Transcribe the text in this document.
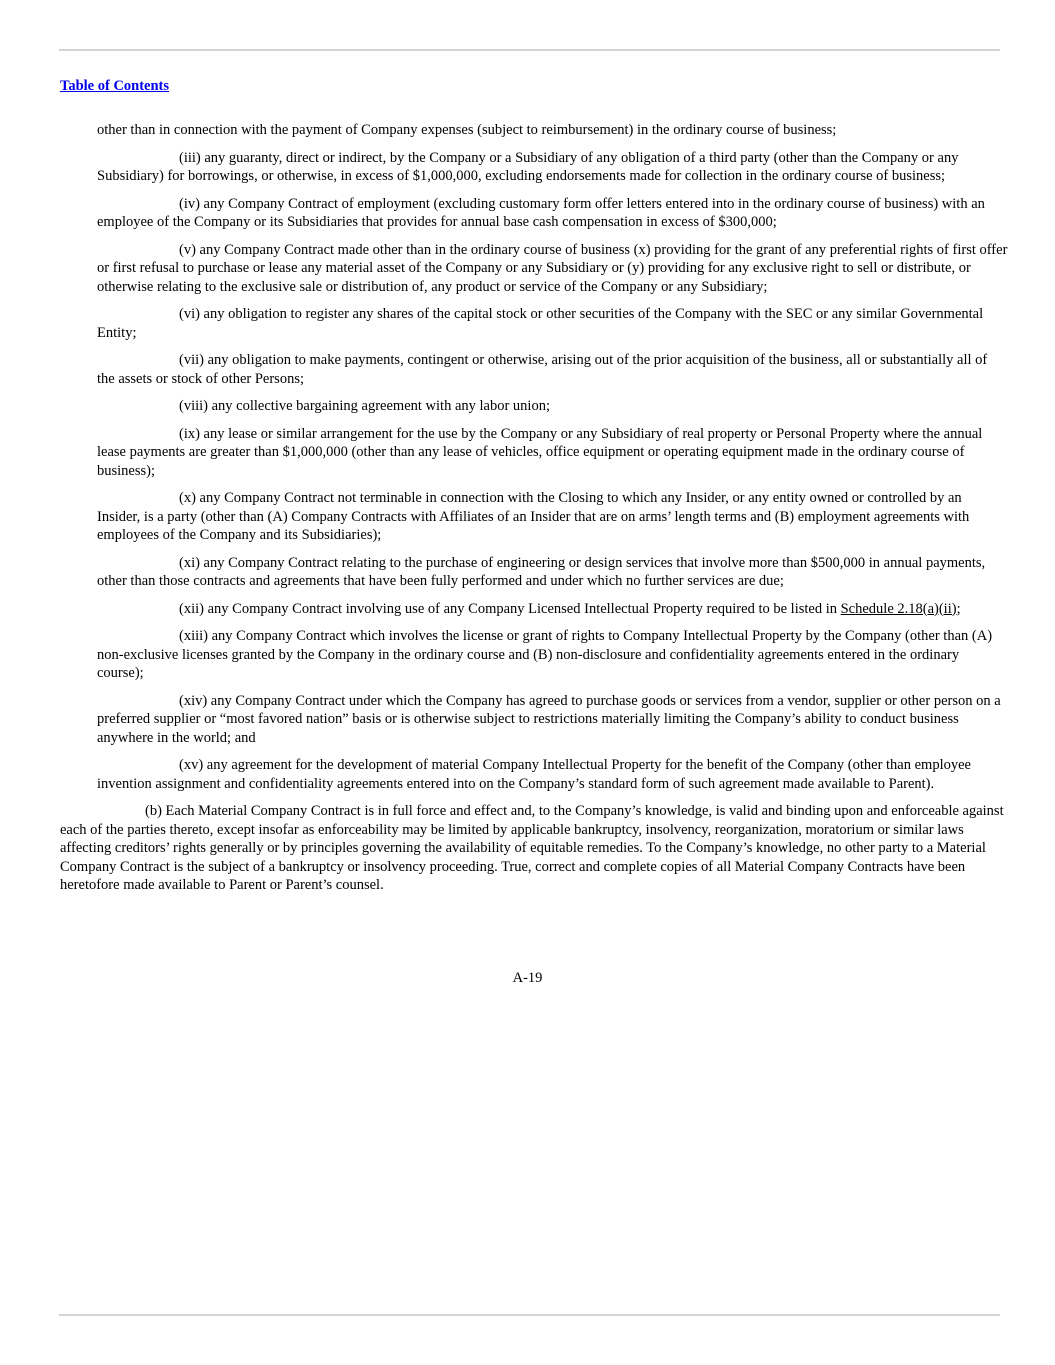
Table of Contents

other than in connection with the payment of Company expenses (subject to reimbursement) in the ordinary course of business;

(iii) any guaranty, direct or indirect, by the Company or a Subsidiary of any obligation of a third party (other than the Company or any Subsidiary) for borrowings, or otherwise, in excess of $1,000,000, excluding endorsements made for collection in the ordinary course of business;

(iv) any Company Contract of employment (excluding customary form offer letters entered into in the ordinary course of business) with an employee of the Company or its Subsidiaries that provides for annual base cash compensation in excess of $300,000;

(v) any Company Contract made other than in the ordinary course of business (x) providing for the grant of any preferential rights of first offer or first refusal to purchase or lease any material asset of the Company or any Subsidiary or (y) providing for any exclusive right to sell or distribute, or otherwise relating to the exclusive sale or distribution of, any product or service of the Company or any Subsidiary;

(vi) any obligation to register any shares of the capital stock or other securities of the Company with the SEC or any similar Governmental Entity;

(vii) any obligation to make payments, contingent or otherwise, arising out of the prior acquisition of the business, all or substantially all of the assets or stock of other Persons;

(viii) any collective bargaining agreement with any labor union;

(ix) any lease or similar arrangement for the use by the Company or any Subsidiary of real property or Personal Property where the annual lease payments are greater than $1,000,000 (other than any lease of vehicles, office equipment or operating equipment made in the ordinary course of business);

(x) any Company Contract not terminable in connection with the Closing to which any Insider, or any entity owned or controlled by an Insider, is a party (other than (A) Company Contracts with Affiliates of an Insider that are on arms’ length terms and (B) employment agreements with employees of the Company and its Subsidiaries);

(xi) any Company Contract relating to the purchase of engineering or design services that involve more than $500,000 in annual payments, other than those contracts and agreements that have been fully performed and under which no further services are due;

(xii) any Company Contract involving use of any Company Licensed Intellectual Property required to be listed in Schedule 2.18(a)(ii);

(xiii) any Company Contract which involves the license or grant of rights to Company Intellectual Property by the Company (other than (A) non-exclusive licenses granted by the Company in the ordinary course and (B) non-disclosure and confidentiality agreements entered in the ordinary course);

(xiv) any Company Contract under which the Company has agreed to purchase goods or services from a vendor, supplier or other person on a preferred supplier or “most favored nation” basis or is otherwise subject to restrictions materially limiting the Company’s ability to conduct business anywhere in the world; and

(xv) any agreement for the development of material Company Intellectual Property for the benefit of the Company (other than employee invention assignment and confidentiality agreements entered into on the Company’s standard form of such agreement made available to Parent).

(b) Each Material Company Contract is in full force and effect and, to the Company’s knowledge, is valid and binding upon and enforceable against each of the parties thereto, except insofar as enforceability may be limited by applicable bankruptcy, insolvency, reorganization, moratorium or similar laws affecting creditors’ rights generally or by principles governing the availability of equitable remedies. To the Company’s knowledge, no other party to a Material Company Contract is the subject of a bankruptcy or insolvency proceeding. True, correct and complete copies of all Material Company Contracts have been heretofore made available to Parent or Parent’s counsel.

A-19
